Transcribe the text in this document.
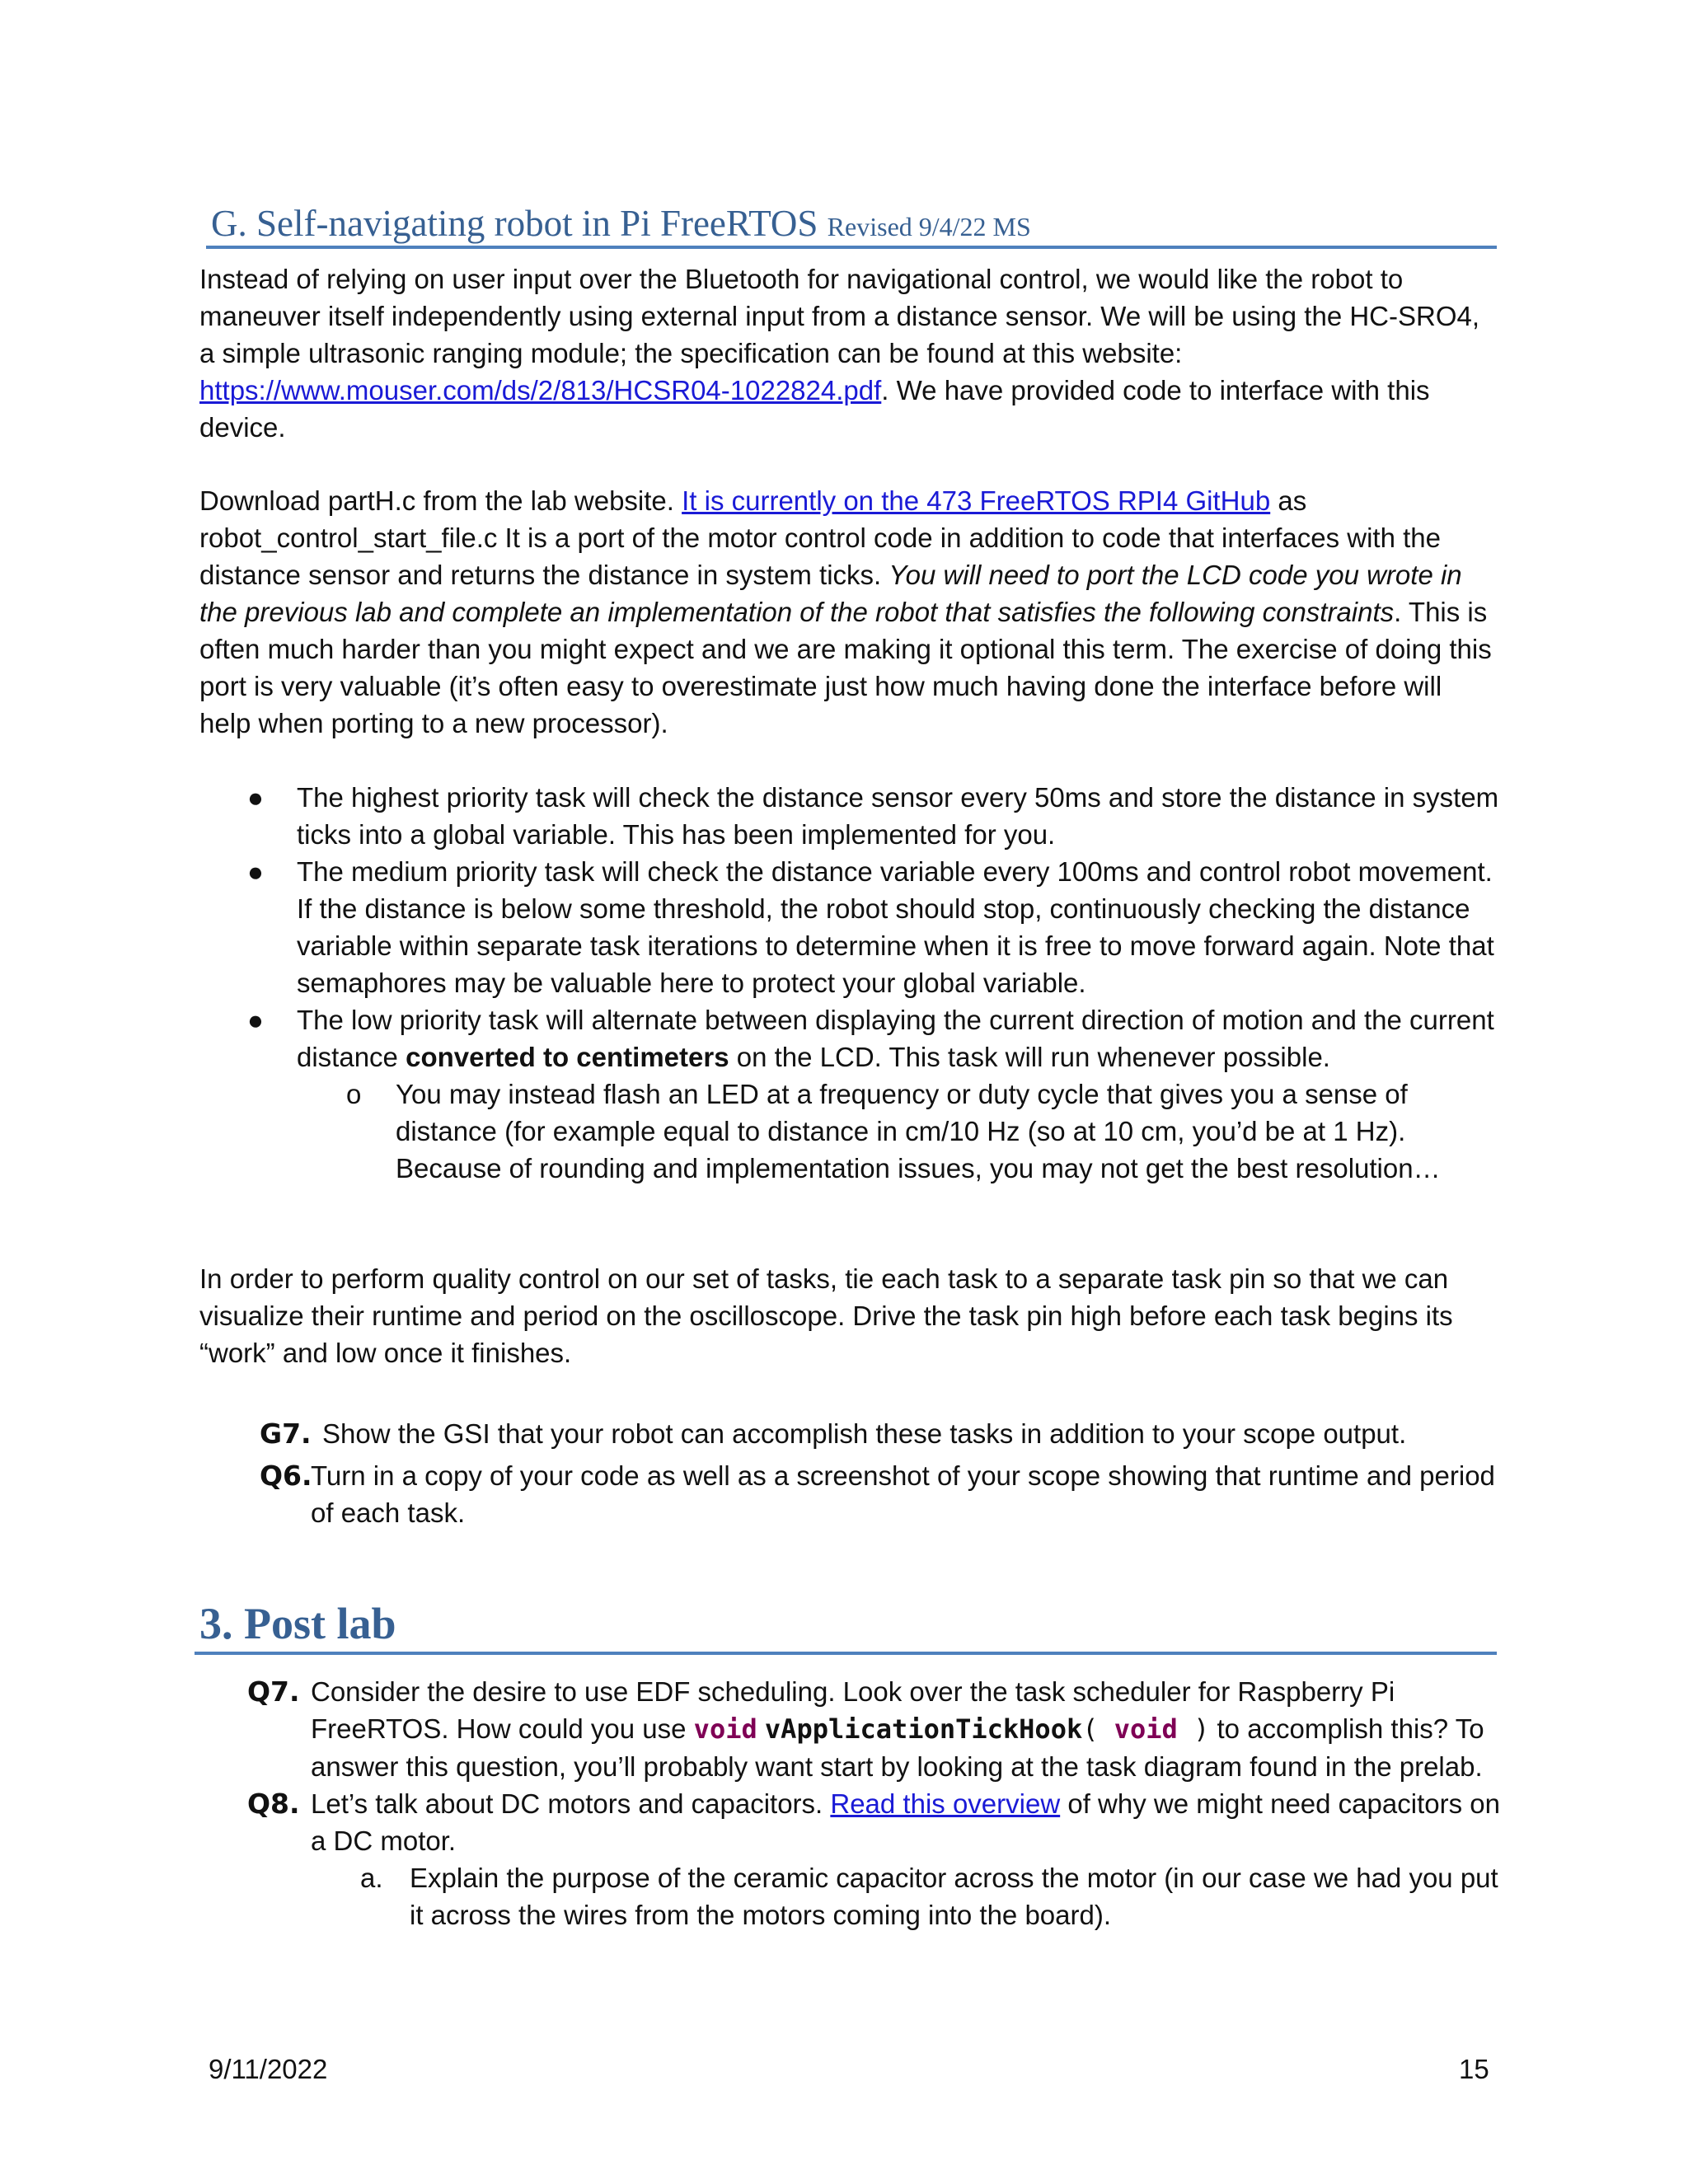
G. Self-navigating robot in Pi FreeRTOS Revised 9/4/22 MS
Instead of relying on user input over the Bluetooth for navigational control, we would like the robot to maneuver itself independently using external input from a distance sensor. We will be using the HC-SRO4, a simple ultrasonic ranging module; the specification can be found at this website: https://www.mouser.com/ds/2/813/HCSR04-1022824.pdf. We have provided code to interface with this device.
Download partH.c from the lab website. It is currently on the 473 FreeRTOS RPI4 GitHub as robot_control_start_file.c It is a port of the motor control code in addition to code that interfaces with the distance sensor and returns the distance in system ticks. You will need to port the LCD code you wrote in the previous lab and complete an implementation of the robot that satisfies the following constraints. This is often much harder than you might expect and we are making it optional this term. The exercise of doing this port is very valuable (it’s often easy to overestimate just how much having done the interface before will help when porting to a new processor).
● The highest priority task will check the distance sensor every 50ms and store the distance in system ticks into a global variable. This has been implemented for you.
● The medium priority task will check the distance variable every 100ms and control robot movement. If the distance is below some threshold, the robot should stop, continuously checking the distance variable within separate task iterations to determine when it is free to move forward again. Note that semaphores may be valuable here to protect your global variable.
● The low priority task will alternate between displaying the current direction of motion and the current distance converted to centimeters on the LCD. This task will run whenever possible.
o You may instead flash an LED at a frequency or duty cycle that gives you a sense of distance (for example equal to distance in cm/10 Hz (so at 10 cm, you’d be at 1 Hz). Because of rounding and implementation issues, you may not get the best resolution…
In order to perform quality control on our set of tasks, tie each task to a separate task pin so that we can visualize their runtime and period on the oscilloscope. Drive the task pin high before each task begins its “work” and low once it finishes.
G7. Show the GSI that your robot can accomplish these tasks in addition to your scope output.
Q6.
Turn in a copy of your code as well as a screenshot of your scope showing that runtime and period of each task.
3. Post lab
Q7. Consider the desire to use EDF scheduling. Look over the task scheduler for Raspberry Pi FreeRTOS. How could you use void vApplicationTickHook( void ) to accomplish this? To answer this question, you’ll probably want start by looking at the task diagram found in the prelab.
Q8. Let’s talk about DC motors and capacitors. Read this overview of why we might need capacitors on a DC motor.
a. Explain the purpose of the ceramic capacitor across the motor (in our case we had you put it across the wires from the motors coming into the board).
9/11/2022	15
